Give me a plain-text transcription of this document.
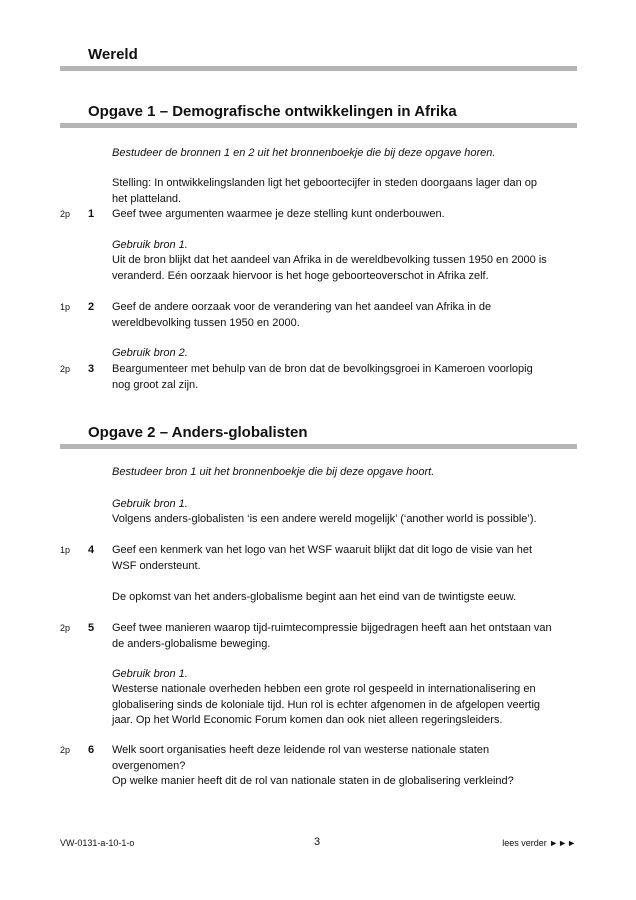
Wereld
Opgave 1 – Demografische ontwikkelingen in Afrika

Bestudeer de bronnen 1 en 2 uit het bronnenboekje die bij deze opgave horen.

Stelling: In ontwikkelingslanden ligt het geboortecijfer in steden doorgaans lager dan op het platteland.

2p 1 Geef twee argumenten waarmee je deze stelling kunt onderbouwen.

Gebruik bron 1.

Uit de bron blijkt dat het aandeel van Afrika in de wereldbevolking tussen 1950 en 2000 is veranderd. Eén oorzaak hiervoor is het hoge geboorteoverschot in Afrika zelf.

1p 2 Geef de andere oorzaak voor de verandering van het aandeel van Afrika in de wereldbevolking tussen 1950 en 2000.

Gebruik bron 2.

2p 3 Beargumenteer met behulp van de bron dat de bevolkingsgroei in Kameroen voorlopig nog groot zal zijn.
Opgave 2 – Anders-globalisten

Bestudeer bron 1 uit het bronnenboekje die bij deze opgave hoort.

Gebruik bron 1.

Volgens anders-globalisten ‘is een andere wereld mogelijk’ (‘another world is possible’).

1p 4 Geef een kenmerk van het logo van het WSF waaruit blijkt dat dit logo de visie van het WSF ondersteunt.

De opkomst van het anders-globalisme begint aan het eind van de twintigste eeuw.

2p 5 Geef twee manieren waarop tijd-ruimtecompressie bijgedragen heeft aan het ontstaan van de anders-globalisme beweging.

Gebruik bron 1.

Westerse nationale overheden hebben een grote rol gespeeld in internationalisering en globalisering sinds de koloniale tijd. Hun rol is echter afgenomen in de afgelopen veertig jaar. Op het World Economic Forum komen dan ook niet alleen regeringsleiders.

2p 6 Welk soort organisaties heeft deze leidende rol van westerse nationale staten overgenomen?
Op welke manier heeft dit de rol van nationale staten in de globalisering verkleind?
VW-0131-a-10-1-o	3	lees verder ►►►
